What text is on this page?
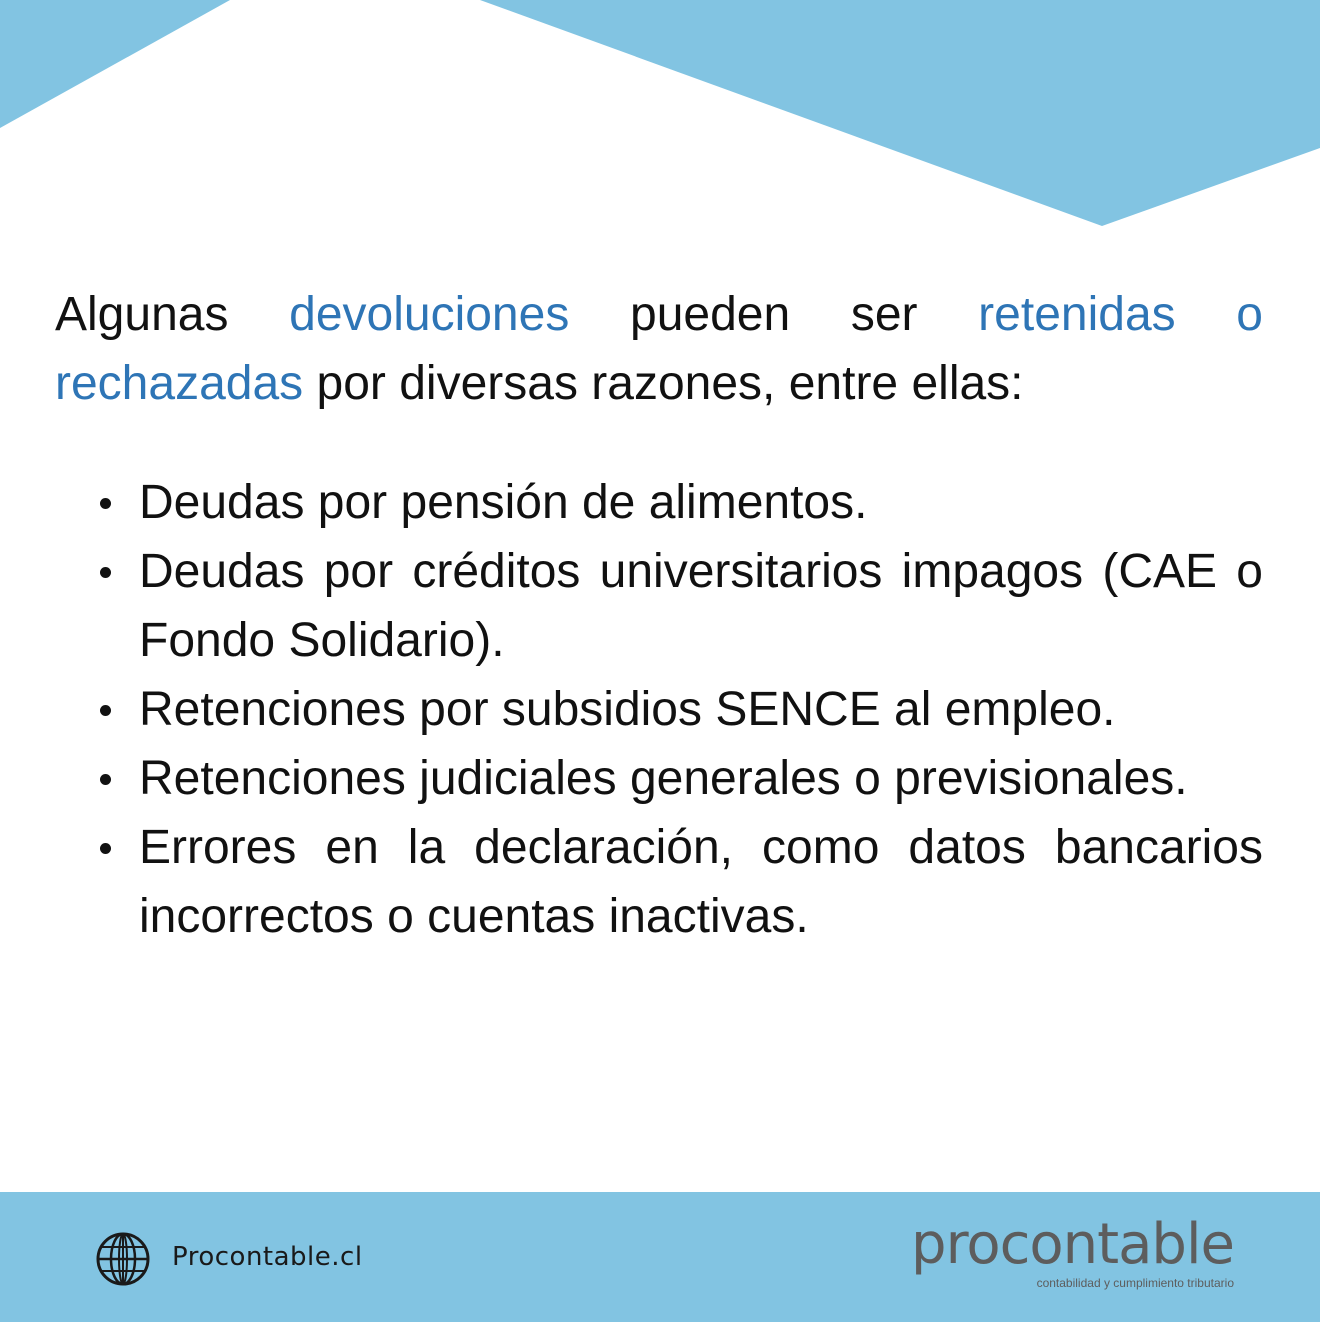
Algunas devoluciones pueden ser retenidas o rechazadas por diversas razones, entre ellas:

Deudas por pensión de alimentos.
Deudas por créditos universitarios impagos (CAE o Fondo Solidario).
Retenciones por subsidios SENCE al empleo.
Retenciones judiciales generales o previsionales.
Errores en la declaración, como datos bancarios incorrectos o cuentas inactivas.
Procontable.cl	procontable
contabilidad y cumplimiento tributario
